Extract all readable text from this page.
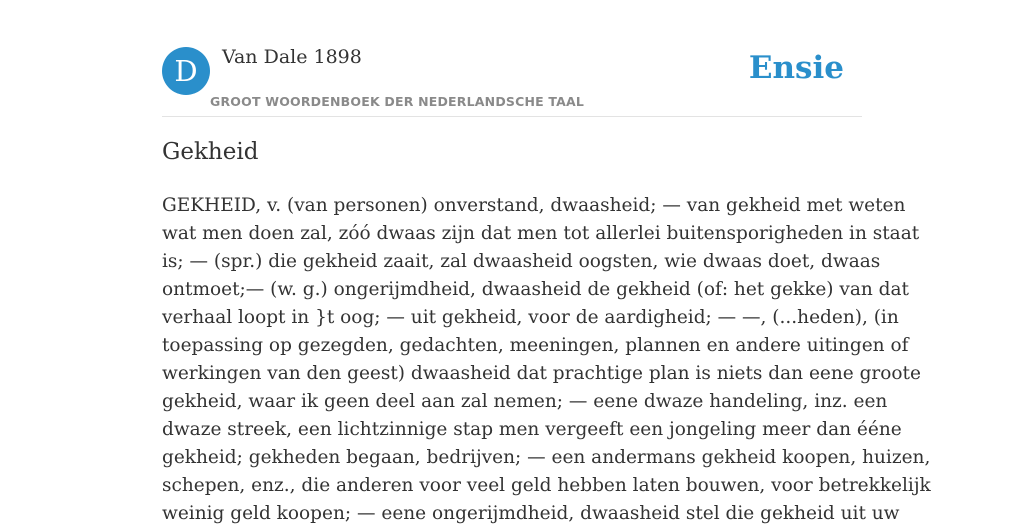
D	Van Dale 1898
GROOT WOORDENBOEK DER NEDERLANDSCHE TAAL
Ensie
Gekheid

GEKHEID, v. (van personen) onverstand, dwaasheid; — van gekheid met weten
wat men doen zal, zóó dwaas zijn dat men tot allerlei buitensporigheden in staat
is; — (spr.) die gekheid zaait, zal dwaasheid oogsten, wie dwaas doet, dwaas
ontmoet;— (w. g.) ongerijmdheid, dwaasheid de gekheid (of: het gekke) van dat
verhaal loopt in }t oog; — uit gekheid, voor de aardigheid; — —, (...heden), (in
toepassing op gezegden, gedachten, meeningen, plannen en andere uitingen of
werkingen van den geest) dwaasheid dat prachtige plan is niets dan eene groote
gekheid, waar ik geen deel aan zal nemen; — eene dwaze handeling, inz. een
dwaze streek, een lichtzinnige stap men vergeeft een jongeling meer dan ééne
gekheid; gekheden begaan, bedrijven; — een andermans gekheid koopen, huizen,
schepen, enz., die anderen voor veel geld hebben laten bouwen, voor betrekkelijk
weinig geld koopen; — eene ongerijmdheid, dwaasheid stel die gekheid uit uw
